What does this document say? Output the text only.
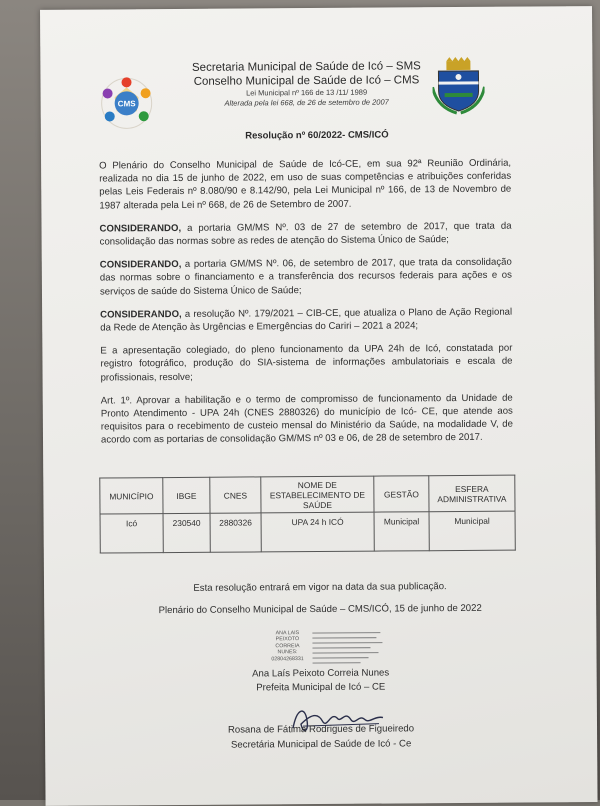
CMS
Secretaria Municipal de Saúde de Icó – SMS
Conselho Municipal de Saúde de Icó – CMS
Lei Municipal nº 166 de 13 /11/ 1989
Alterada pela lei 668, de 26 de setembro de 2007
Resolução nº 60/2022- CMS/ICÓ

O Plenário do Conselho Municipal de Saúde de Icó-CE, em sua 92ª Reunião Ordinária, realizada no dia 15 de junho de 2022, em uso de suas competências e atribuições conferidas pelas Leis Federais nº 8.080/90 e 8.142/90, pela Lei Municipal nº 166, de 13 de Novembro de 1987 alterada pela Lei nº 668, de 26 de Setembro de 2007.

CONSIDERANDO, a portaria GM/MS Nº. 03 de 27 de setembro de 2017, que trata da consolidação das normas sobre as redes de atenção do Sistema Único de Saúde;

CONSIDERANDO, a portaria GM/MS Nº. 06, de setembro de 2017, que trata da consolidação das normas sobre o financiamento e a transferência dos recursos federais para ações e os serviços de saúde do Sistema Único de Saúde;

CONSIDERANDO, a resolução Nº. 179/2021 – CIB-CE, que atualiza o Plano de Ação Regional da Rede de Atenção às Urgências e Emergências do Cariri – 2021 a 2024;

E a apresentação colegiado, do pleno funcionamento da UPA 24h de Icó, constatada por registro fotográfico, produção do SIA-sistema de informações ambulatoriais e escala de profissionais, resolve;

Art. 1º. Aprovar a habilitação e o termo de compromisso de funcionamento da Unidade de Pronto Atendimento - UPA 24h (CNES 2880326) do município de Icó- CE, que atende aos requisitos para o recebimento de custeio mensal do Ministério da Saúde, na modalidade V, de acordo com as portarias de consolidação GM/MS nº 03 e 06, de 28 de setembro de 2017.

MUNICÍPIO	IBGE	CNES	NOME DE ESTABELECIMENTO DE SAÚDE	GESTÃO	ESFERA ADMINISTRATIVA
Icó	230540	2880326	UPA 24 h ICÓ	Municipal	Municipal
Esta resolução entrará em vigor na data da sua publicação.
Plenário do Conselho Municipal de Saúde – CMS/ICÓ, 15 de junho de 2022
ANA LAIS
PEIXOTO
CORREIA
NUNES:
02804268331
Ana Laís Peixoto Correia Nunes
Prefeita Municipal de Icó – CE
Rosana de Fátima Rodrigues de Figueiredo
Secretária Municipal de Saúde de Icó - Ce
